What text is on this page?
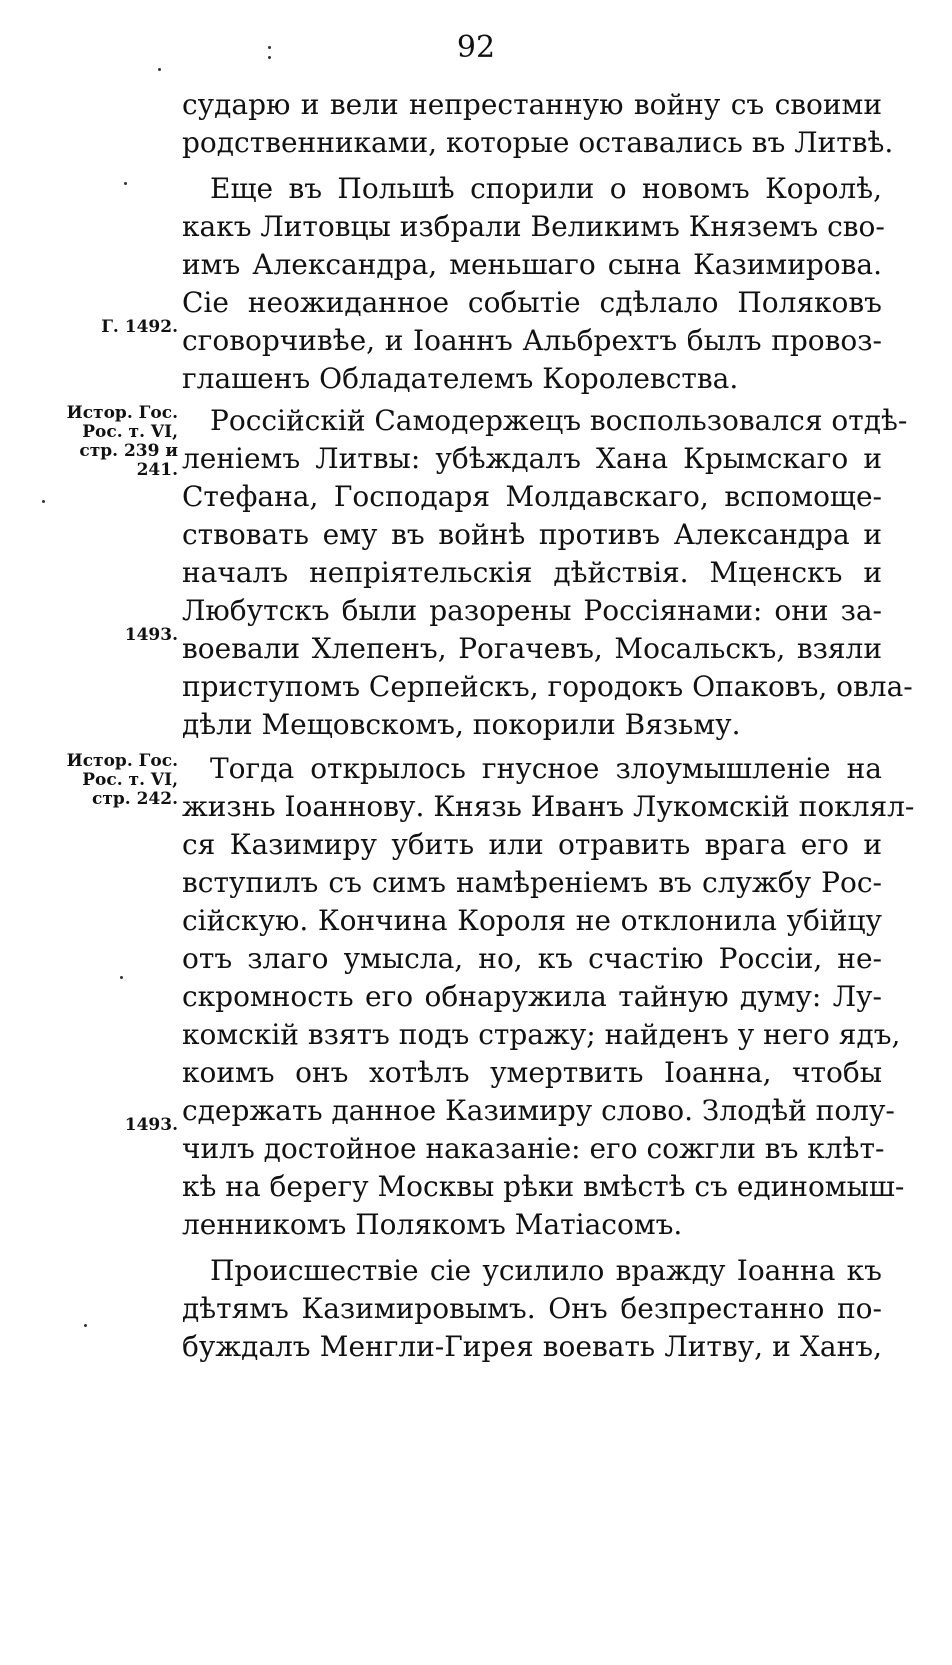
92
Г. 1492.
Истор. Гос.
Рос. т. VI,
стр. 239 и
241.
1493.
Истор. Гос.
Рос. т. VI,
стр. 242.
1493.
сударю и вели непрестанную войну съ своими
родственниками, которые оставались въ Литвѣ.
Еще въ Польшѣ спорили о новомъ Королѣ,
какъ Литовцы избрали Великимъ Княземъ сво-
имъ Александра, меньшаго сына Казимирова.
Сіе неожиданное событіе сдѣлало Поляковъ
сговорчивѣе, и Іоаннъ Альбрехтъ былъ провоз-
глашенъ Обладателемъ Королевства.
Россійскій Самодержецъ воспользовался отдѣ-
леніемъ Литвы: убѣждалъ Хана Крымскаго и
Стефана, Господаря Молдавскаго, вспомоще-
ствовать ему въ войнѣ противъ Александра и
началъ непріятельскія дѣйствія. Мценскъ и
Любутскъ были разорены Россіянами: они за-
воевали Хлепенъ, Рогачевъ, Мосальскъ, взяли
приступомъ Серпейскъ, городокъ Опаковъ, овла-
дѣли Мещовскомъ, покорили Вязьму.
Тогда открылось гнусное злоумышленіе на
жизнь Іоаннову. Князь Иванъ Лукомскій поклял-
ся Казимиру убить или отравить врага его и
вступилъ съ симъ намѣреніемъ въ службу Рос-
сійскую. Кончина Короля не отклонила убійцу
отъ злаго умысла, но, къ счастію Россіи, не-
скромность его обнаружила тайную думу: Лу-
комскій взятъ подъ стражу; найденъ у него ядъ,
коимъ онъ хотѣлъ умертвить Іоанна, чтобы
сдержать данное Казимиру слово. Злодѣй полу-
чилъ достойное наказаніе: его сожгли въ клѣт-
кѣ на берегу Москвы рѣки вмѣстѣ съ единомыш-
ленникомъ Полякомъ Матіасомъ.
Происшествіе сіе усилило вражду Іоанна къ
дѣтямъ Казимировымъ. Онъ безпрестанно по-
буждалъ Менгли-Гирея воевать Литву, и Ханъ,
